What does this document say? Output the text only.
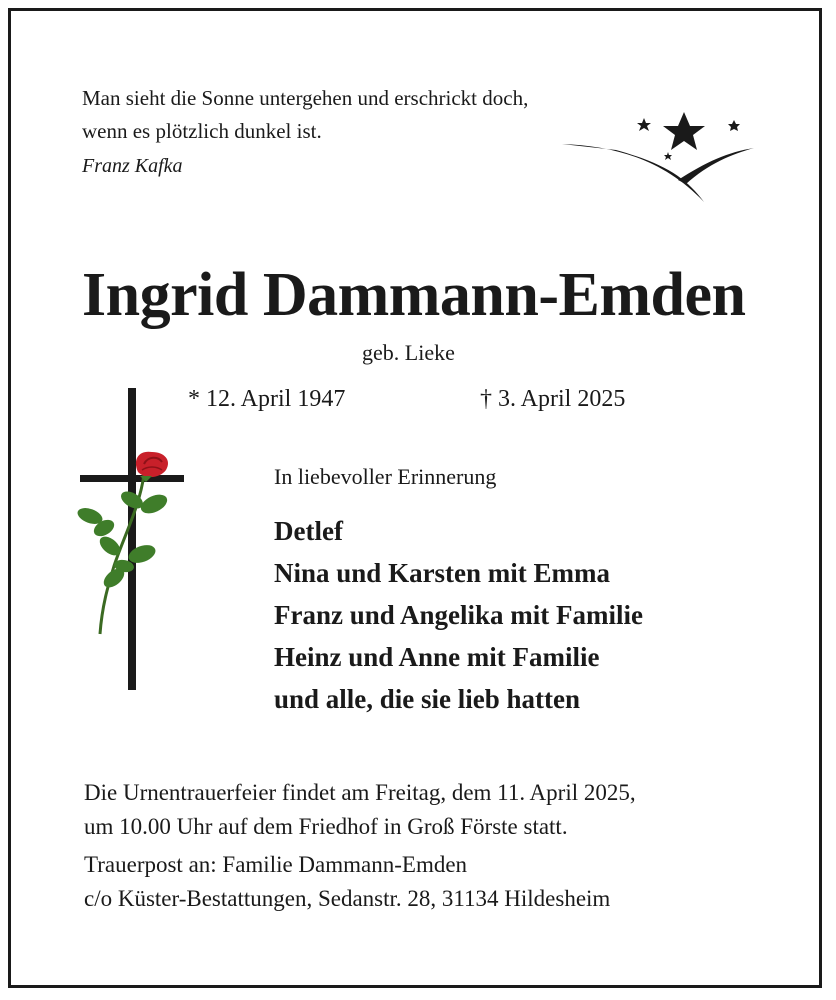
Man sieht die Sonne untergehen und erschrickt doch,
wenn es plötzlich dunkel ist.
Franz Kafka
Ingrid Dammann-Emden
geb. Lieke
* 12. April 1947	† 3. April 2025
In liebevoller Erinnerung
Detlef
Nina und Karsten mit Emma
Franz und Angelika mit Familie
Heinz und Anne mit Familie
und alle, die sie lieb hatten
Die Urnentrauerfeier findet am Freitag, dem 11. April 2025,
um 10.00 Uhr auf dem Friedhof in Groß Förste statt.
Trauerpost an: Familie Dammann-Emden
c/o Küster-Bestattungen, Sedanstr. 28, 31134 Hildesheim
